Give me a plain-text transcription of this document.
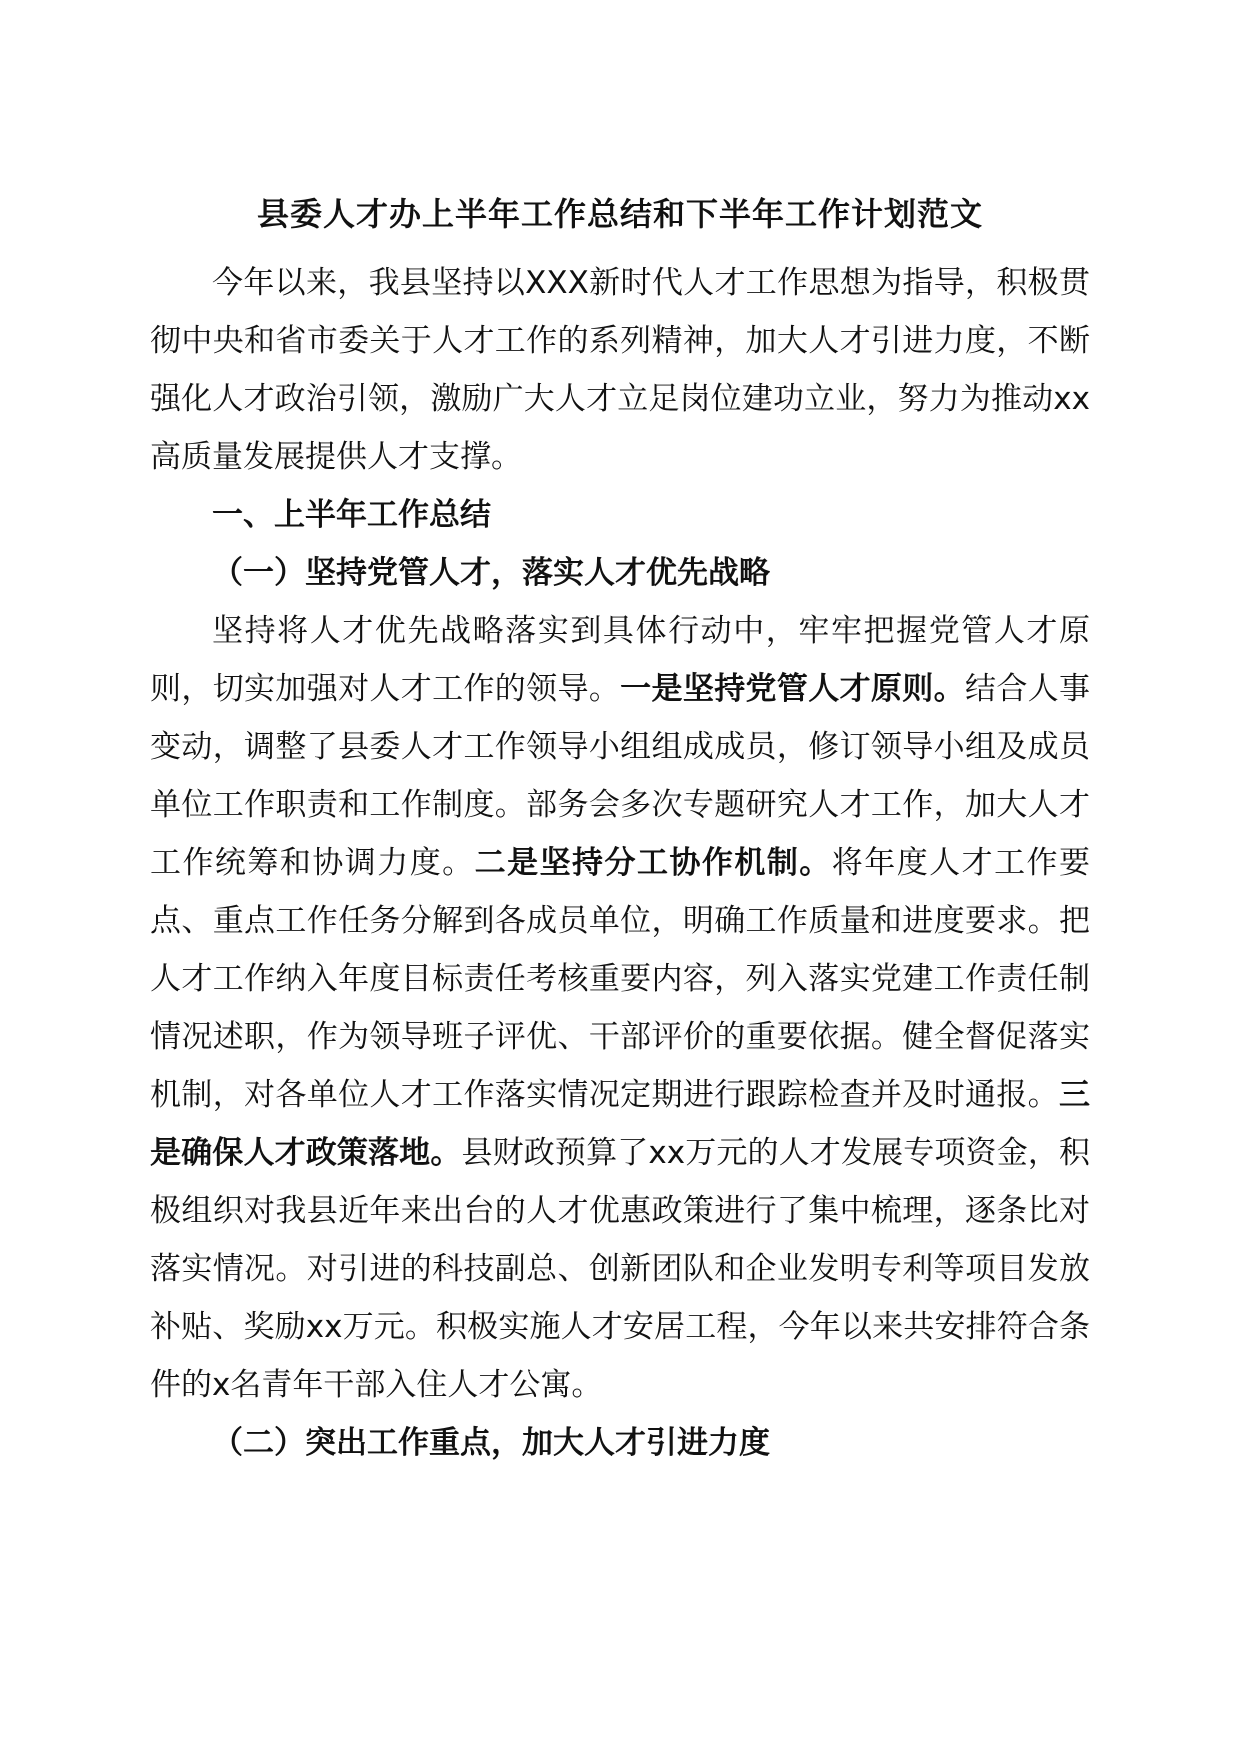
县委人才办上半年工作总结和下半年工作计划范文

今年以来，我县坚持以XXX新时代人才工作思想为指导，积极贯彻中央和省市委关于人才工作的系列精神，加大人才引进力度，不断强化人才政治引领，激励广大人才立足岗位建功立业，努力为推动xx高质量发展提供人才支撑。

一、上半年工作总结

（一）坚持党管人才，落实人才优先战略

坚持将人才优先战略落实到具体行动中，牢牢把握党管人才原则，切实加强对人才工作的领导。一是坚持党管人才原则。结合人事变动，调整了县委人才工作领导小组组成成员，修订领导小组及成员单位工作职责和工作制度。部务会多次专题研究人才工作，加大人才工作统筹和协调力度。二是坚持分工协作机制。将年度人才工作要点、重点工作任务分解到各成员单位，明确工作质量和进度要求。把人才工作纳入年度目标责任考核重要内容，列入落实党建工作责任制情况述职，作为领导班子评优、干部评价的重要依据。健全督促落实机制，对各单位人才工作落实情况定期进行跟踪检查并及时通报。三是确保人才政策落地。县财政预算了xx万元的人才发展专项资金，积极组织对我县近年来出台的人才优惠政策进行了集中梳理，逐条比对落实情况。对引进的科技副总、创新团队和企业发明专利等项目发放补贴、奖励xx万元。积极实施人才安居工程，今年以来共安排符合条件的x名青年干部入住人才公寓。

（二）突出工作重点，加大人才引进力度
